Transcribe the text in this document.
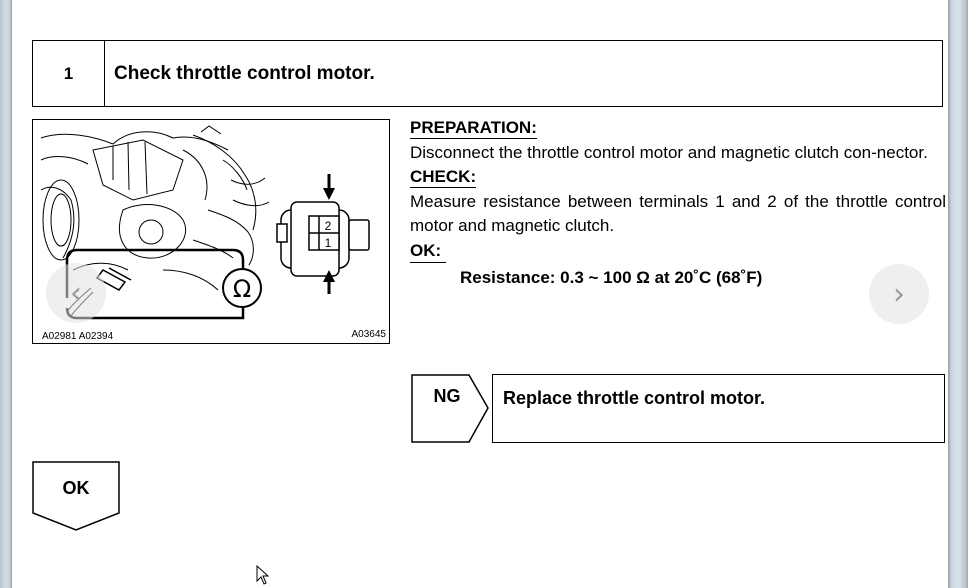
1	Check throttle control motor.
Ω
2
1
A02981 A02394	A03645
PREPARATION:
Disconnect the throttle control motor and magnetic clutch con-nector.
CHECK:
Measure resistance between terminals 1 and 2 of the throttle control motor and magnetic clutch.
OK:
Resistance: 0.3 ~ 100 Ω at 20˚C (68˚F)
NG	Replace throttle control motor.
OK
‹	›
